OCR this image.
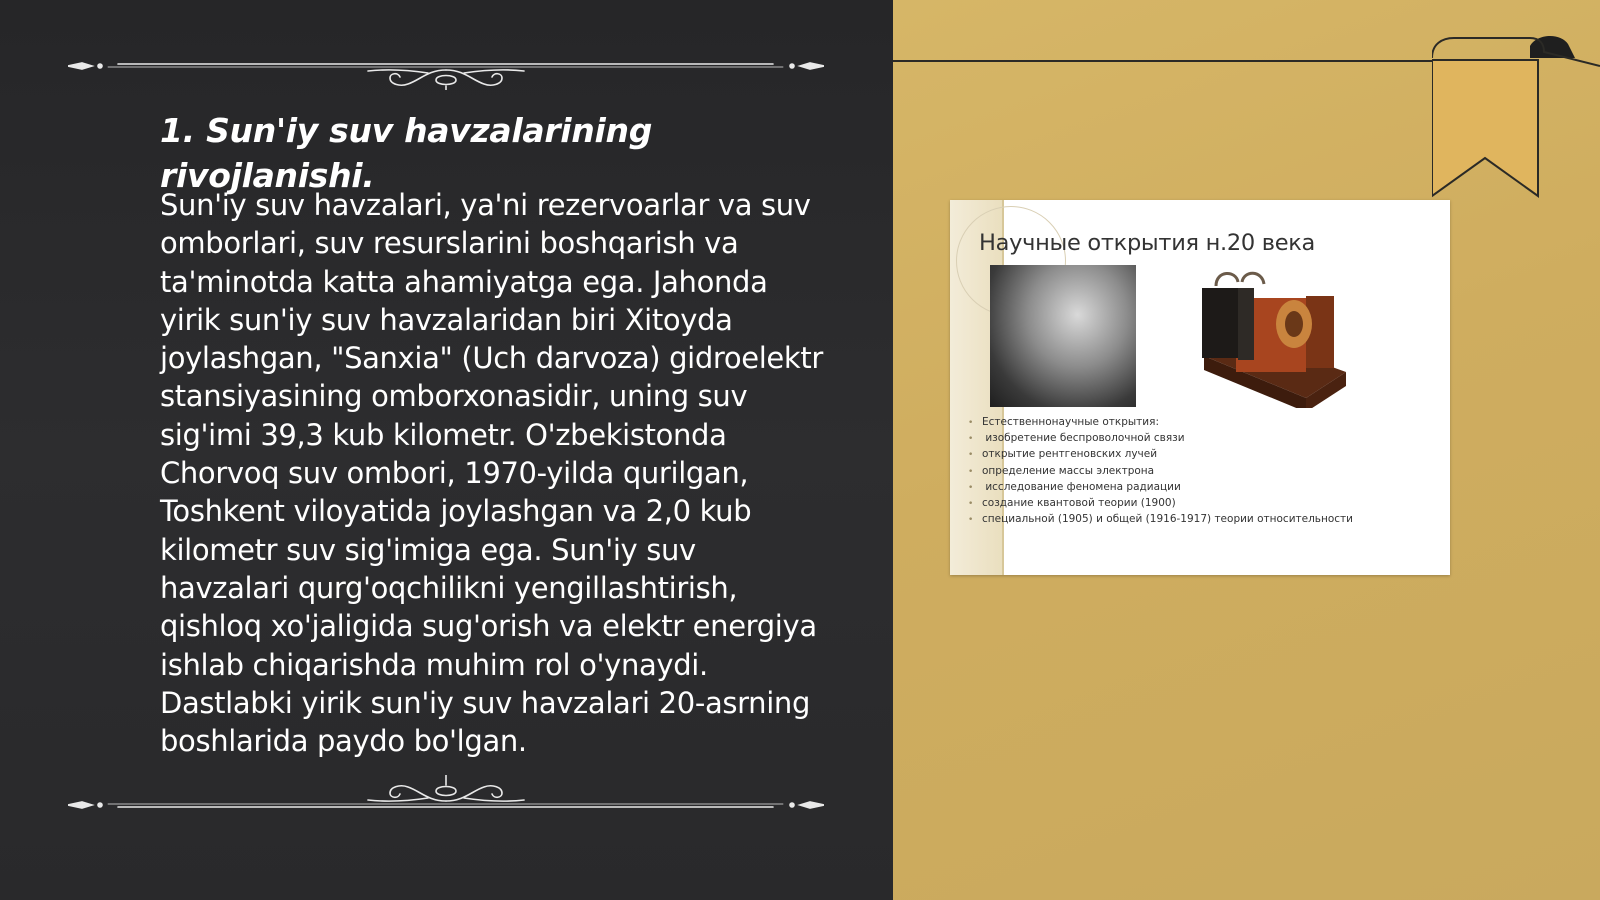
1. Sun'iy suv havzalarining rivojlanishi.
Sun'iy suv havzalari, ya'ni rezervoarlar va suv omborlari, suv resurslarini boshqarish va ta'minotda katta ahamiyatga ega. Jahonda yirik sun'iy suv havzalaridan biri Xitoyda joylashgan, "Sanxia" (Uch darvoza) gidroelektr stansiyasining omborxonasidir, uning suv sig'imi 39,3 kub kilometr. O'zbekistonda Chorvoq suv ombori, 1970-yilda qurilgan, Toshkent viloyatida joylashgan va 2,0 kub kilometr suv sig'imiga ega. Sun'iy suv havzalari qurg'oqchilikni yengillashtirish, qishloq xo'jaligida sug'orish va elektr energiya ishlab chiqarishda muhim rol o'ynaydi. Dastlabki yirik sun'iy suv havzalari 20-asrning boshlarida paydo bo'lgan.
Научные открытия н.20 века
• Естественнонаучные открытия:
• изобретение беспроволочной связи
• открытие рентгеновских лучей
• определение массы электрона
• исследование феномена радиации
• создание квантовой теории (1900)
• специальной (1905) и общей (1916-1917) теории относительности
